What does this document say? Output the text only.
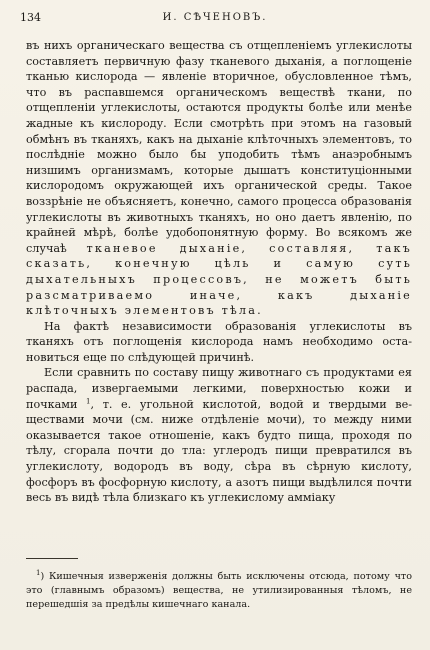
134	И. СѢЧЕНОВЪ.

въ нихъ органическаго вещества съ отщепленіемъ углекислоты составляетъ первичную фазу тканевого дыханія, а поглощеніе тканью кислорода — явленіе вторичное, обусловленное тѣмъ, что въ распавшемся органическомъ веществѣ ткани, по отщепленіи углекислоты, остаются продукты болѣе или менѣе жадные къ кислороду. Если смотрѣть при этомъ на газовый обмѣнъ въ тканяхъ, какъ на дыханіе клѣточныхъ элементовъ, то послѣдніе можно было бы уподобить тѣмъ анаэробнымъ низшимъ организмамъ, которые дышатъ конституціонными кислородомъ окружающей ихъ органической среды. Такое воззрѣніе не объясняетъ, конечно, самого процесса образованія углекислоты въ животныхъ тканяхъ, но оно даетъ явленію, по крайней мѣрѣ, болѣе удобопонятную форму. Во всякомъ же случаѣ тканевое дыханіе, составляя, такъ сказать, конечную цѣль и самую суть дыхательныхъ процессовъ, не можетъ быть разсматриваемо иначе, какъ дыханіе клѣточныхъ элементовъ тѣла.

На фактѣ независимости образованія углекислоты въ тканяхъ отъ поглощенія кислорода намъ необходимо остановиться еще по слѣдующей причинѣ.

Если сравнить по составу пищу животнаго съ продуктами ея распада, извергаемыми легкими, поверхностью кожи и почками $^1$, т. е. угольной кислотой, водой и твердыми веществами мочи (см. ниже отдѣленіе мочи), то между ними оказывается такое отношеніе, какъ будто пища, проходя по тѣлу, сгорала почти до тла: углеродъ пищи превратился въ углекислоту, водородъ въ воду, сѣра въ сѣрную кислоту, фосфоръ въ фосфорную кислоту, а азотъ пищи выдѣлился почти весь въ видѣ тѣла близкаго къ углекислому аммiаку

$^1$) Кишечныя изверженія должны быть исключены отсюда, потому что это (главнымъ образомъ) вещества, не утилизированныя тѣломъ, не перешедшія за предѣлы кишечнаго канала.
